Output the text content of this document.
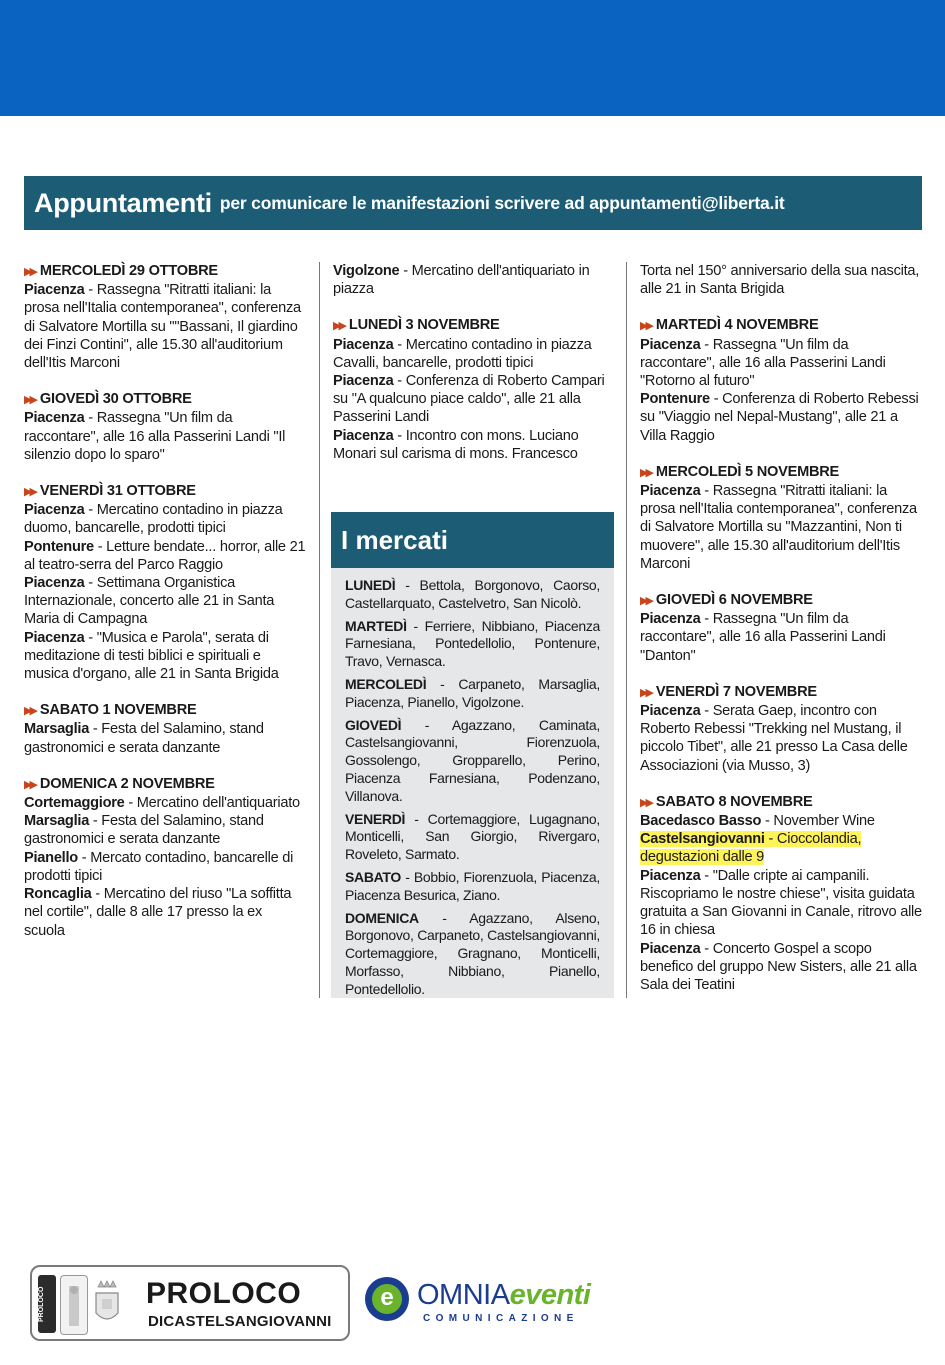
Appuntamenti per comunicare le manifestazioni scrivere ad appuntamenti@liberta.it
▶▶ MERCOLEDÌ 29 OTTOBRE

Piacenza - Rassegna "Ritratti italiani: la prosa nell'Italia contemporanea", conferenza di Salvatore Mortilla su ""Bassani, Il giardino dei Finzi Contini", alle 15.30 all'auditorium dell'Itis Marconi

▶▶ GIOVEDÌ 30 OTTOBRE

Piacenza - Rassegna "Un film da raccontare", alle 16 alla Passerini Landi "Il silenzio dopo lo sparo"

▶▶ VENERDÌ 31 OTTOBRE

Piacenza - Mercatino contadino in piazza duomo, bancarelle, prodotti tipici

Pontenure - Letture bendate... horror, alle 21 al teatro-serra del Parco Raggio

Piacenza - Settimana Organistica Internazionale, concerto alle 21 in Santa Maria di Campagna

Piacenza - "Musica e Parola", serata di meditazione di testi biblici e spirituali e musica d'organo, alle 21 in Santa Brigida

▶▶ SABATO 1 NOVEMBRE

Marsaglia - Festa del Salamino, stand gastronomici e serata danzante

▶▶ DOMENICA 2 NOVEMBRE

Cortemaggiore - Mercatino dell'antiquariato

Marsaglia - Festa del Salamino, stand gastronomici e serata danzante

Pianello - Mercato contadino, bancarelle di prodotti tipici

Roncaglia - Mercatino del riuso "La soffitta nel cortile", dalle 8 alle 17 presso la ex scuola

Vigolzone - Mercatino dell'antiquariato in piazza

▶▶ LUNEDÌ 3 NOVEMBRE

Piacenza - Mercatino contadino in piazza Cavalli, bancarelle, prodotti tipici

Piacenza - Conferenza di Roberto Campari su "A qualcuno piace caldo", alle 21 alla Passerini Landi

Piacenza - Incontro con mons. Luciano Monari sul carisma di mons. Francesco

Torta nel 150° anniversario della sua nascita, alle 21 in Santa Brigida

▶▶ MARTEDÌ 4 NOVEMBRE

Piacenza - Rassegna "Un film da raccontare", alle 16 alla Passerini Landi "Rotorno al futuro"

Pontenure - Conferenza di Roberto Rebessi su "Viaggio nel Nepal-Mustang", alle 21 a Villa Raggio

▶▶ MERCOLEDÌ 5 NOVEMBRE

Piacenza - Rassegna "Ritratti italiani: la prosa nell'Italia contemporanea", conferenza di Salvatore Mortilla su "Mazzantini, Non ti muovere", alle 15.30 all'auditorium dell'Itis Marconi

▶▶ GIOVEDÌ 6 NOVEMBRE

Piacenza - Rassegna "Un film da raccontare", alle 16 alla Passerini Landi "Danton"

▶▶ VENERDÌ 7 NOVEMBRE

Piacenza - Serata Gaep, incontro con Roberto Rebessi "Trekking nel Mustang, il piccolo Tibet", alle 21 presso La Casa delle Associazioni (via Musso, 3)

▶▶ SABATO 8 NOVEMBRE

Bacedasco Basso - November Wine

Castelsangiovanni - Cioccolandia, degustazioni dalle 9

Piacenza - "Dalle cripte ai campanili. Riscopriamo le nostre chiese", visita guidata gratuita a San Giovanni in Canale, ritrovo alle 16 in chiesa

Piacenza - Concerto Gospel a scopo benefico del gruppo New Sisters, alle 21 alla Sala dei Teatini

I mercati
LUNEDÌ - Bettola, Borgonovo, Caorso, Castellarquato, Castelvetro, San Nicolò.
MARTEDÌ - Ferriere, Nibbiano, Piacenza Farnesiana, Pontedellolio, Pontenure, Travo, Vernasca.
MERCOLEDÌ - Carpaneto, Marsaglia, Piacenza, Pianello, Vigolzone.
GIOVEDÌ - Agazzano, Caminata, Castelsangiovanni, Fiorenzuola, Gossolengo, Gropparello, Perino, Piacenza Farnesiana, Podenzano, Villanova.
VENERDÌ - Cortemaggiore, Lugagnano, Monticelli, San Giorgio, Rivergaro, Roveleto, Sarmato.
SABATO - Bobbio, Fiorenzuola, Piacenza, Piacenza Besurica, Ziano.
DOMENICA - Agazzano, Alseno, Borgonovo, Carpaneto, Castelsangiovanni, Cortemaggiore, Gragnano, Monticelli, Morfasso, Nibbiano, Pianello, Pontedellolio.
PROLOCO	PROLOCO
DICASTELSANGIOVANNI
e OMNIAeventi
COMUNICAZIONE
